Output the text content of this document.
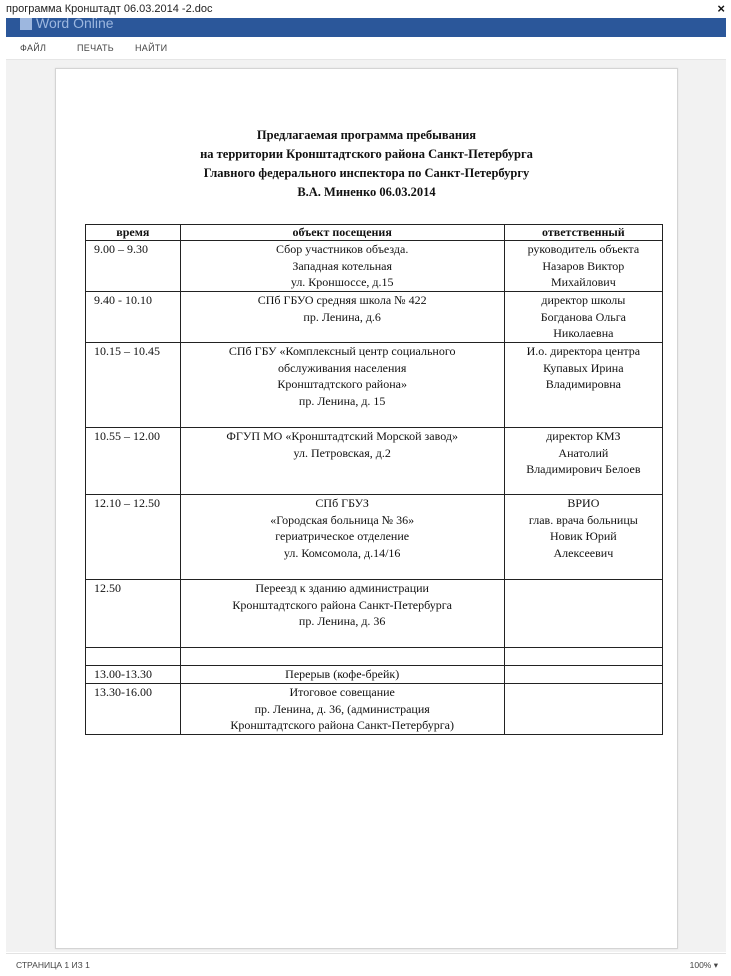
программа Кронштадт 06.03.2014 -2.doc	×
Word Online
ФАЙЛ	ПЕЧАТЬ НАЙТИ
Предлагаемая программа пребывания
на территории Кронштадтского района Санкт-Петербурга
Главного федерального инспектора по Санкт-Петербургу
В.А. Миненко 06.03.2014
время	объект посещения	ответственный
9.00 – 9.30	Сбор участников объезда.
Западная котельная
ул. Кроншоссе, д.15	руководитель объекта
Назаров Виктор
Михайлович

9.40 - 10.10	СПб ГБУО средняя школа № 422
пр. Ленина, д.6	директор школы
Богданова Ольга
Николаевна

10.15 – 10.45	СПб ГБУ «Комплексный центр социального
обслуживания населения
Кронштадтского района»
пр. Ленина, д. 15	И.о. директора центра
Купавых Ирина
Владимировна

10.55 – 12.00	ФГУП МО «Кронштадтский Морской завод»
ул. Петровская, д.2	директор КМЗ
Анатолий
Владимирович Белоев

12.10 – 12.50	СПб ГБУЗ
«Городская больница № 36»
гериатрическое отделение
ул. Комсомола, д.14/16	ВРИО
глав. врача больницы
Новик Юрий
Алексеевич

12.50	Переезд к зданию администрации
Кронштадтского района Санкт-Петербурга
пр. Ленина, д. 36	

13.00-13.30	Перерыв (кофе-брейк)	

13.30-16.00	Итоговое совещание
пр. Ленина, д. 36, (администрация
Кронштадтского района Санкт-Петербурга)	

СТРАНИЦА 1 ИЗ 1	100% ▾
